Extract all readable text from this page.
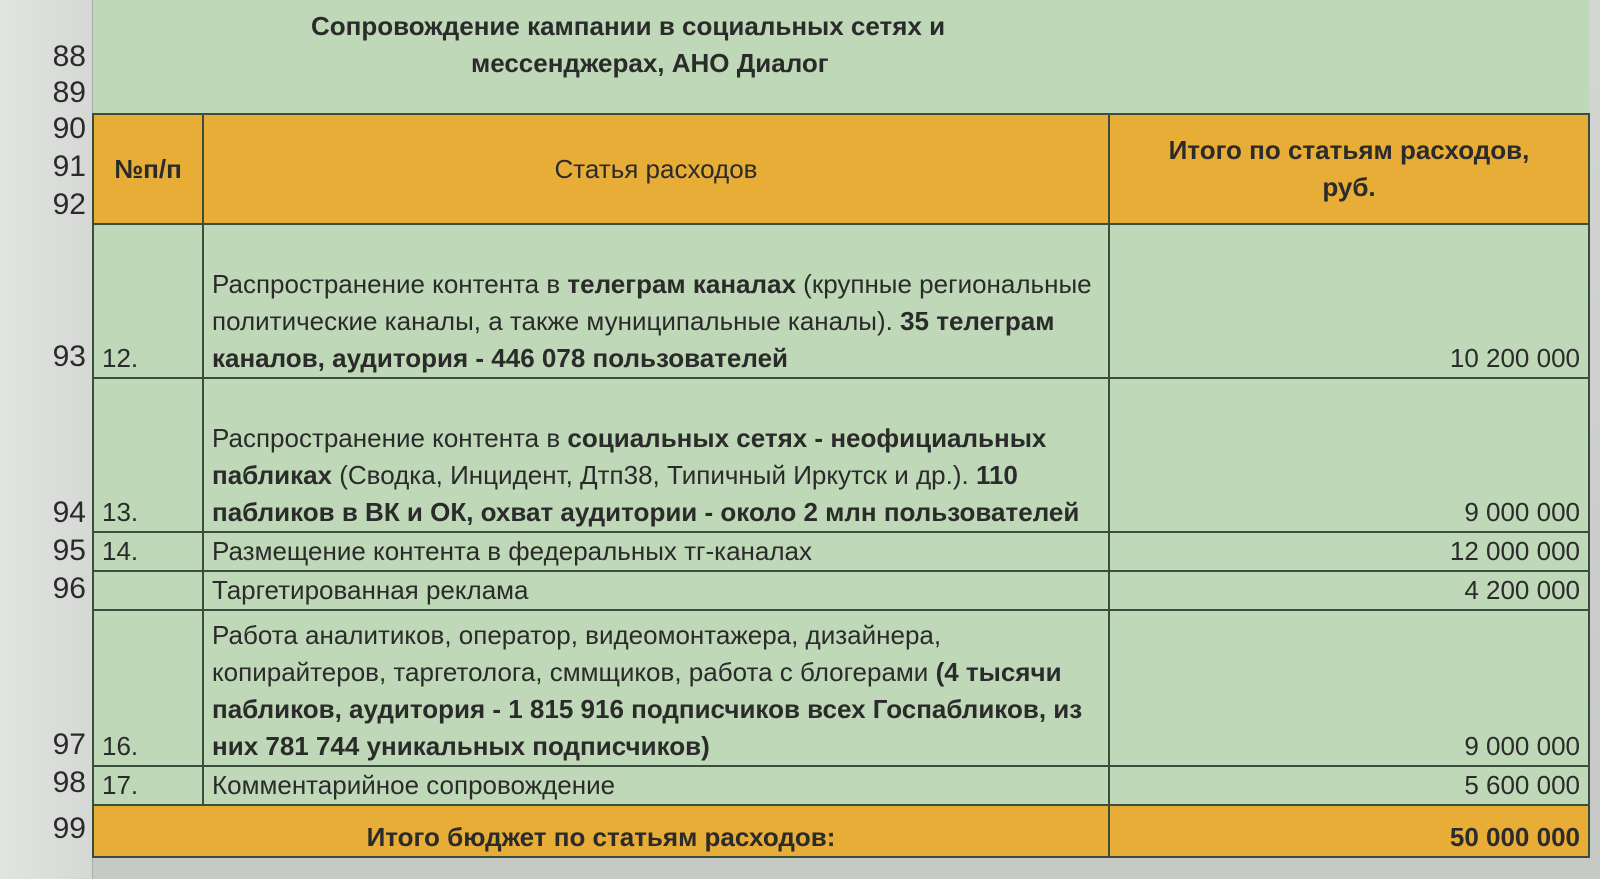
88
89
90
91
92
93
94
95
96
97
98
99
Сопровождение кампании в социальных сетях и
мессенджерах, АНО Диалог		

№п/п	Статья расходов	Итого по статьям расходов,
руб.
12.	Распространение контента в телеграм каналах (крупные региональные политические каналы, а также муниципальные каналы). 35 телеграм каналов, аудитория - 446 078 пользователей	10 200 000
13.	Распространение контента в социальных сетях - неофициальных пабликах (Сводка, Инцидент, Дтп38, Типичный Иркутск и др.). 110 пабликов в ВК и ОК, охват аудитории - около 2 млн пользователей	9 000 000
14.	Размещение контента в федеральных тг-каналах	12 000 000
	Таргетированная реклама	4 200 000
16.	Работа аналитиков, оператор, видеомонтажера, дизайнера, копирайтеров, таргетолога, сммщиков, работа с блогерами (4 тысячи пабликов, аудитория - 1 815 916 подписчиков всех Госпабликов, из них 781 744 уникальных подписчиков)	9 000 000
17.	Комментарийное сопровождение	5 600 000
Итого бюджет по статьям расходов:		50 000 000
